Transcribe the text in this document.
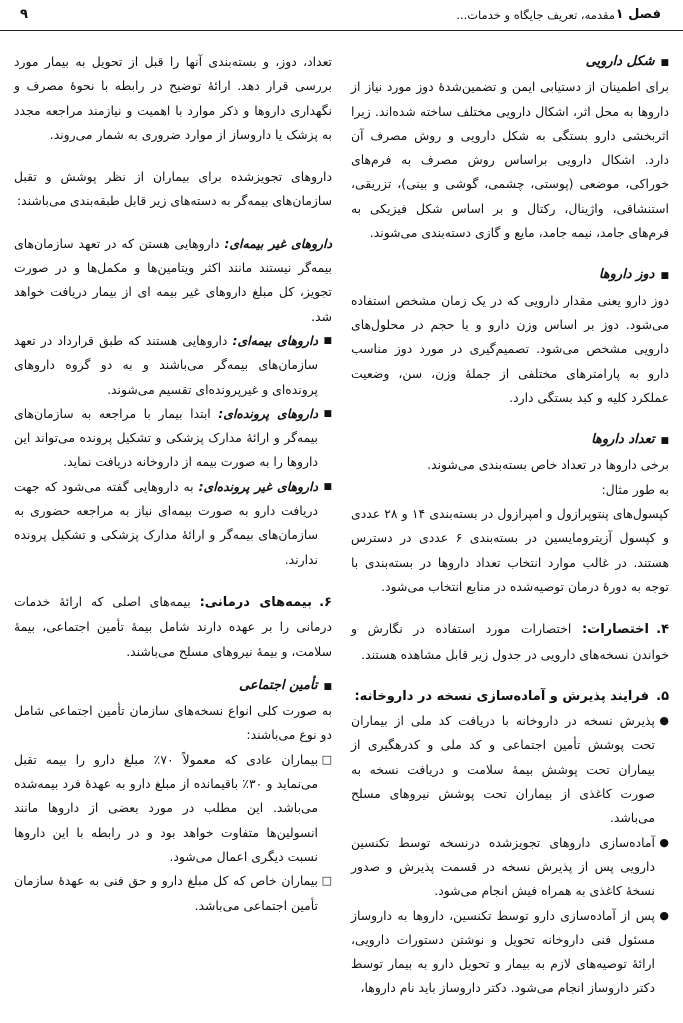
فصل ۱
مقدمه، تعریف جایگاه و خدمات...
۹
■شکل دارویی

برای اطمینان از دستیابی ایمن و تضمین‌شدهٔ دوز مورد نیاز از داروها به محل اثر، اشکال دارویی مختلف ساخته شده‌اند. زیرا اثربخشی دارو بستگی به شکل دارویی و روش مصرف آن دارد. اشکال دارویی براساس روش مصرف به فرم‌های خوراکی، موضعی (پوستی، چشمی، گوشی و بینی)، تزریقی، استنشاقی، واژینال، رکتال و بر اساس شکل فیزیکی به فرم‌های جامد، نیمه جامد، مایع و گازی دسته‌بندی می‌شوند.

■دوز داروها

دوز دارو یعنی مقدار دارویی که در یک زمان مشخص استفاده می‌شود. دوز بر اساس وزن دارو و یا حجم در محلول‌های دارویی مشخص می‌شود. تصمیم‌گیری در مورد دوز مناسب دارو به پارامترهای مختلفی از جملهٔ وزن، سن، وضعیت عملکرد کلیه و کبد بستگی دارد.

■تعداد داروها

برخی داروها در تعداد خاص بسته‌بندی می‌شوند.

به طور مثال:

کپسول‌های پنتوپرازول و امپرازول در بسته‌بندی ۱۴ و ۲۸ عددی و کپسول آزیترومایسین در بسته‌بندی ۶ عددی در دسترس هستند. در غالب موارد انتخاب تعداد داروها در بسته‌بندی با توجه به دورهٔ درمان توصیه‌شده در منابع انتخاب می‌شود.

۴.اختصارات: اختصارات مورد استفاده در نگارش و خواندن نسخه‌های دارویی در جدول زیر قابل مشاهده هستند.

۵.فرایند پذیرش و آماده‌سازی نسخه در داروخانه:
●
پذیرش نسخه در داروخانه با دریافت کد ملی از بیماران تحت پوشش تأمین اجتماعی و کد ملی و کدرهگیری از بیماران تحت پوشش بیمهٔ سلامت و دریافت نسخه به صورت کاغذی از بیماران تحت پوشش نیروهای مسلح می‌باشد.
●
آماده‌سازی داروهای تجویزشده درنسخه توسط تکنسین دارویی پس از پذیرش نسخه در قسمت پذیرش و صدور نسخهٔ کاغذی به همراه فیش انجام می‌شود.
●
پس از آماده‌سازی دارو توسط تکنسین، داروها به داروساز مسئول فنی داروخانه تحویل و نوشتن دستورات دارویی، ارائهٔ توصیه‌های لازم به بیمار و تحویل دارو به بیمار توسط دکتر داروساز انجام می‌شود. دکتر داروساز باید نام داروها،

تعداد، دوز، و بسته‌بندی آنها را قبل از تحویل به بیمار مورد بررسی قرار دهد. ارائهٔ توضیح در رابطه با نحوهٔ مصرف و نگهداری داروها و ذکر موارد با اهمیت و نیازمند مراجعه مجدد به پزشک یا داروساز از موارد ضروری به شمار می‌روند.

داروهای تجویزشده برای بیماران از نظر پوشش و تقبل سازمان‌های بیمه‌گر به دسته‌های زیر قابل طبقه‌بندی می‌باشند:

داروهای غیر بیمه‌ای: داروهایی هستن که در تعهد سازمان‌های بیمه‌گر نیستند مانند اکثر ویتامین‌ها و مکمل‌ها و در صورت تجویز، کل مبلغ داروهای غیر بیمه ای از بیمار دریافت خواهد شد.

■
داروهای بیمه‌ای: داروهایی هستند که طبق قرارداد در تعهد سازمان‌های بیمه‌گر می‌باشند و به دو گروه داروهای پرونده‌ای و غیرپرونده‌ای تقسیم می‌شوند.
■
داروهای پرونده‌ای: ابتدا بیمار با مراجعه به سازمان‌های بیمه‌گر و ارائهٔ مدارک پزشکی و تشکیل پرونده می‌تواند این داروها را به صورت بیمه از داروخانه دریافت نماید.
■
داروهای غیر پرونده‌ای: به داروهایی گفته می‌شود که جهت دریافت دارو به صورت بیمه‌ای نیاز به مراجعه حضوری به سازمان‌های بیمه‌گر و ارائهٔ مدارک پزشکی و تشکیل پرونده ندارند.

۶.بیمه‌های درمانی: بیمه‌های اصلی که ارائهٔ خدمات درمانی را بر عهده دارند شامل بیمهٔ تأمین اجتماعی، بیمهٔ سلامت، و بیمهٔ نیروهای مسلح می‌باشند.

■تأمین اجتماعی

به صورت کلی انواع نسخه‌های سازمان تأمین اجتماعی شامل دو نوع می‌باشند:

□
بیماران عادی که معمولاً ۷۰٪ مبلغ دارو را بیمه تقبل می‌نماید و ۳۰٪ باقیمانده از مبلغ دارو به عهدهٔ فرد بیمه‌شده می‌باشد. این مطلب در مورد بعضی از داروها مانند انسولین‌ها متفاوت خواهد بود و در رابطه با این داروها نسبت دیگری اعمال می‌شود.
□
بیماران خاص که کل مبلغ دارو و حق فنی به عهدهٔ سازمان تأمین اجتماعی می‌باشد.
